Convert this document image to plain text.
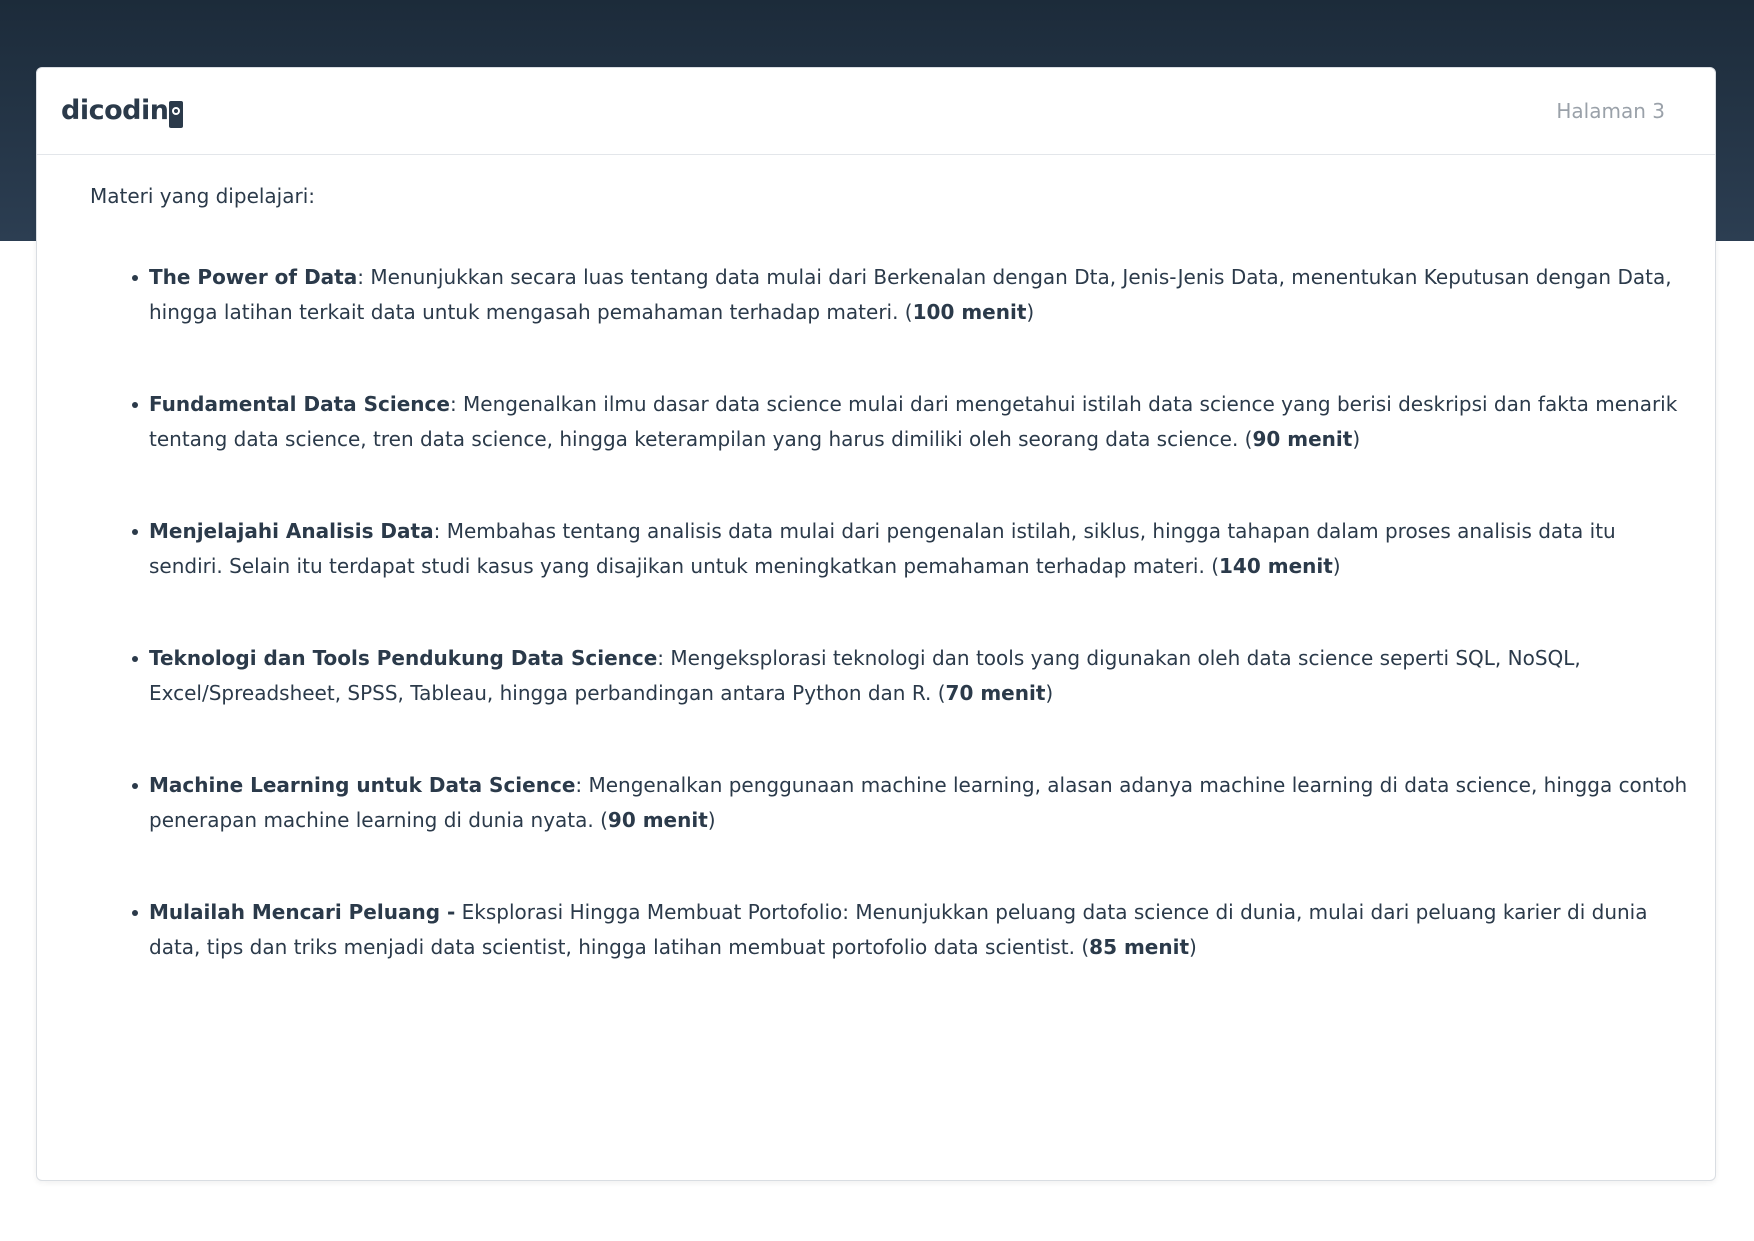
dicodin	Halaman 3

Materi yang dipelajari:

The Power of Data: Menunjukkan secara luas tentang data mulai dari Berkenalan dengan Dta, Jenis-Jenis Data, menentukan Keputusan dengan Data, hingga latihan terkait data untuk mengasah pemahaman terhadap materi. (100 menit)
Fundamental Data Science: Mengenalkan ilmu dasar data science mulai dari mengetahui istilah data science yang berisi deskripsi dan fakta menarik tentang data science, tren data science, hingga keterampilan yang harus dimiliki oleh seorang data science. (90 menit)
Menjelajahi Analisis Data: Membahas tentang analisis data mulai dari pengenalan istilah, siklus, hingga tahapan dalam proses analisis data itu sendiri. Selain itu terdapat studi kasus yang disajikan untuk meningkatkan pemahaman terhadap materi. (140 menit)
Teknologi dan Tools Pendukung Data Science: Mengeksplorasi teknologi dan tools yang digunakan oleh data science seperti SQL, NoSQL, Excel/Spreadsheet, SPSS, Tableau, hingga perbandingan antara Python dan R. (70 menit)
Machine Learning untuk Data Science: Mengenalkan penggunaan machine learning, alasan adanya machine learning di data science, hingga contoh penerapan machine learning di dunia nyata. (90 menit)
Mulailah Mencari Peluang - Eksplorasi Hingga Membuat Portofolio: Menunjukkan peluang data science di dunia, mulai dari peluang karier di dunia data, tips dan triks menjadi data scientist, hingga latihan membuat portofolio data scientist. (85 menit)
